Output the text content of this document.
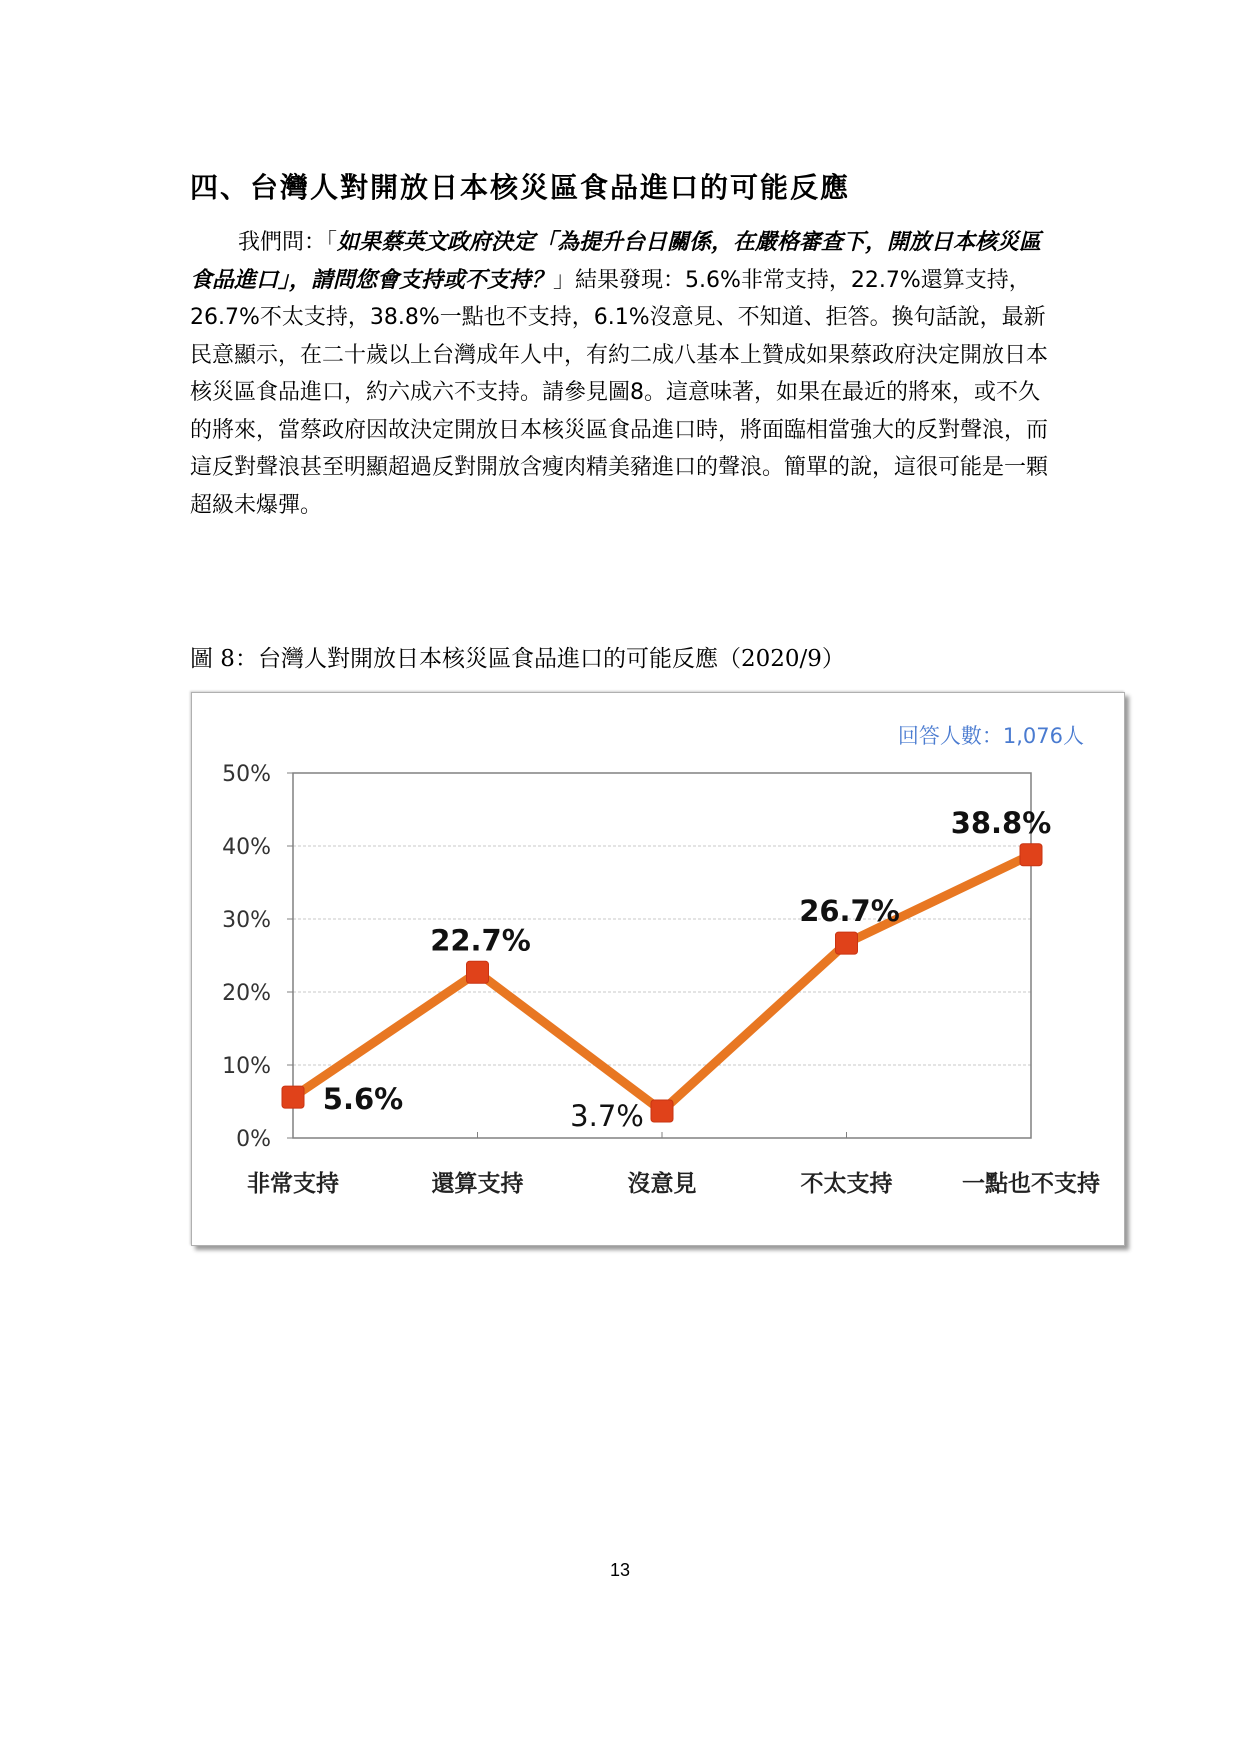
四、台灣人對開放日本核災區食品進口的可能反應
我們問：「如果蔡英文政府決定「為提升台日關係，在嚴格審查下，開放日本核災區食品進口」，請問您會支持或不支持？」結果發現：5.6%非常支持，22.7%還算支持，26.7%不太支持，38.8%一點也不支持，6.1%沒意見、不知道、拒答。換句話說，最新民意顯示，在二十歲以上台灣成年人中，有約二成八基本上贊成如果蔡政府決定開放日本核災區食品進口，約六成六不支持。請參見圖8。這意味著，如果在最近的將來，或不久的將來，當蔡政府因故決定開放日本核災區食品進口時，將面臨相當強大的反對聲浪，而這反對聲浪甚至明顯超過反對開放含瘦肉精美豬進口的聲浪。簡單的說，這很可能是一顆超級未爆彈。
圖 8：台灣人對開放日本核災區食品進口的可能反應（2020/9）
0%
10%
20%
30%
40%
50%
非常支持	還算支持	沒意見	不太支持	一點也不支持
5.6%
22.7%
3.7%
26.7%
38.8%
回答人數：1,076人
13
